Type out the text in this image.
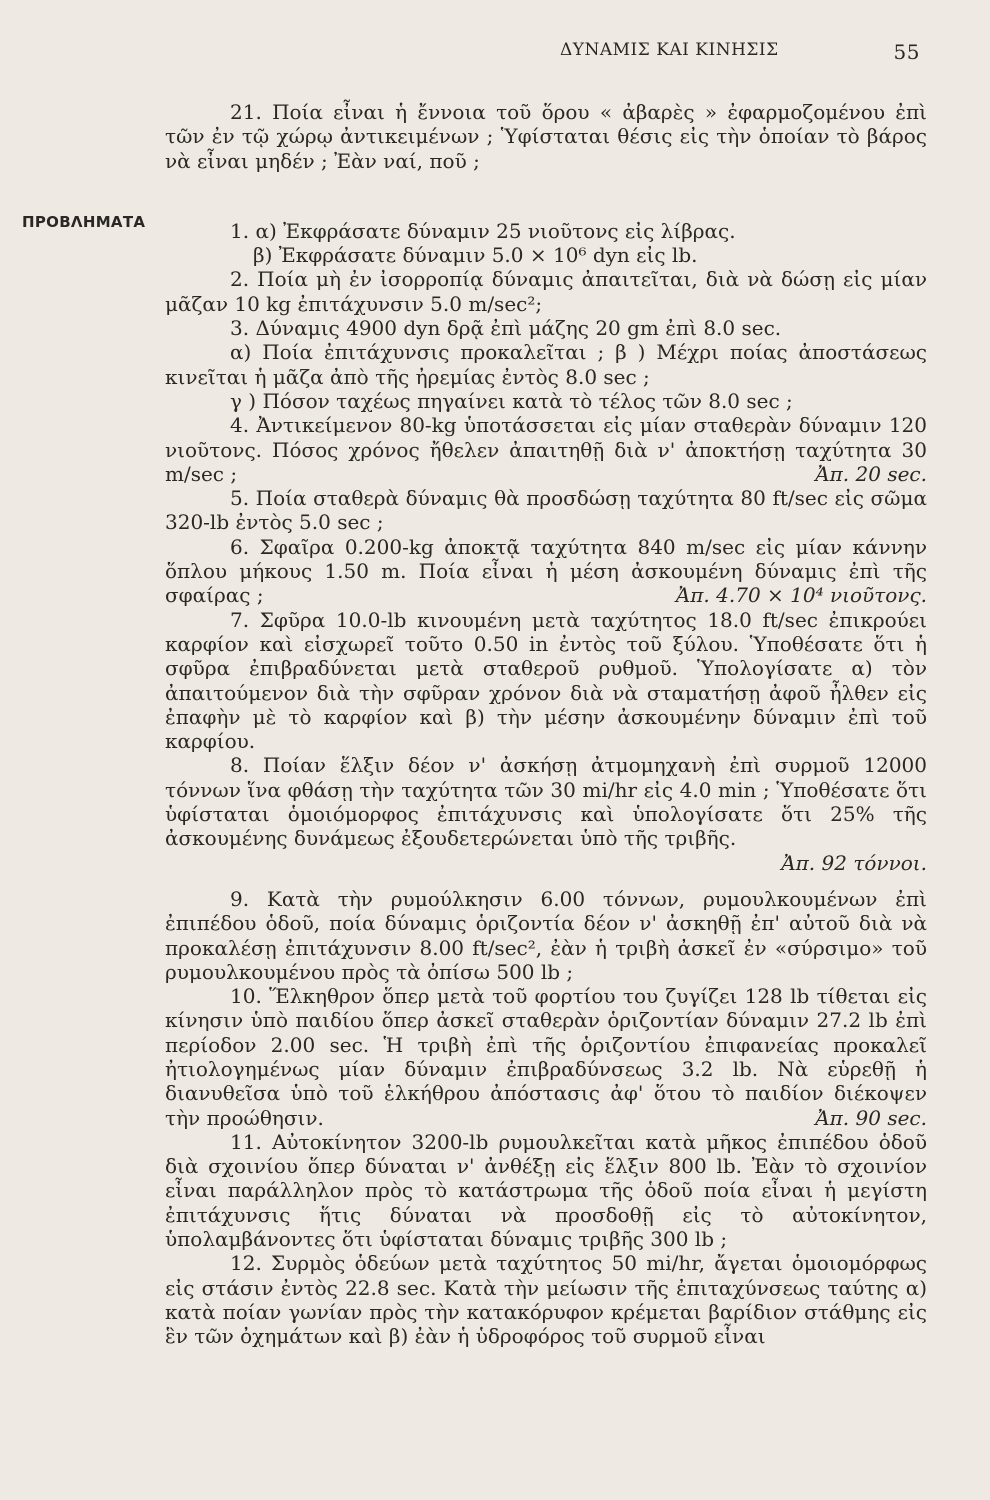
ΔΥΝΑΜΙΣ ΚΑΙ ΚΙΝΗΣΙΣ	55
ΠΡΟΒΛΗΜΑΤΑ

21. Ποία εἶναι ἡ ἔννοια τοῦ ὅρου « ἀβαρὲς » ἐφαρμοζομένου ἐπὶ τῶν ἐν τῷ χώρῳ ἀντικειμένων ; Ὑφίσταται θέσις εἰς τὴν ὁποίαν τὸ βάρος νὰ εἶναι μηδέν ; Ἐὰν ναί, ποῦ ;

1. α) Ἐκφράσατε δύναμιν 25 νιοῦτονς εἰς λίβρας.

β) Ἐκφράσατε δύναμιν 5.0 × 10⁶ dyn εἰς lb.

2. Ποία μὴ ἐν ἰσορροπίᾳ δύναμις ἀπαιτεῖται, διὰ νὰ δώσῃ εἰς μίαν μᾶζαν 10 kg ἐπιτάχυνσιν 5.0 m/sec²;

3. Δύναμις 4900 dyn δρᾷ ἐπὶ μάζης 20 gm ἐπὶ 8.0 sec.

α) Ποία ἐπιτάχυνσις προκαλεῖται ; β ) Μέχρι ποίας ἀποστάσεως κινεῖται ἡ μᾶζα ἀπὸ τῆς ἠρεμίας ἐντὸς 8.0 sec ;

γ ) Πόσον ταχέως πηγαίνει κατὰ τὸ τέλος τῶν 8.0 sec ;

4. Ἀντικείμενον 80-kg ὑποτάσσεται εἰς μίαν σταθερὰν δύναμιν 120 νιοῦτονς. Πόσος χρόνος ἤθελεν ἀπαιτηθῇ διὰ ν' ἀποκτήσῃ ταχύτητα 30 m/sec ;	Ἀπ. 20 sec.

5. Ποία σταθερὰ δύναμις θὰ προσδώσῃ ταχύτητα 80 ft/sec εἰς σῶμα 320-lb ἐντὸς 5.0 sec ;

6. Σφαῖρα 0.200-kg ἀποκτᾷ ταχύτητα 840 m/sec εἰς μίαν κάννην ὅπλου μήκους 1.50 m. Ποία εἶναι ἡ μέση ἀσκουμένη δύναμις ἐπὶ τῆς σφαίρας ;	Ἀπ. 4.70 × 10⁴ νιοῦτονς.

7. Σφῦρα 10.0-lb κινουμένη μετὰ ταχύτητος 18.0 ft/sec ἐπικρούει καρφίον καὶ εἰσχωρεῖ τοῦτο 0.50 in ἐντὸς τοῦ ξύλου. Ὑποθέσατε ὅτι ἡ σφῦρα ἐπιβραδύνεται μετὰ σταθεροῦ ρυθμοῦ. Ὑπολογίσατε α) τὸν ἀπαιτούμενον διὰ τὴν σφῦραν χρόνον διὰ νὰ σταματήσῃ ἀφοῦ ἦλθεν εἰς ἐπαφὴν μὲ τὸ καρφίον καὶ β) τὴν μέσην ἀσκουμένην δύναμιν ἐπὶ τοῦ καρφίου.

8. Ποίαν ἕλξιν δέον ν' ἀσκήσῃ ἀτμομηχανὴ ἐπὶ συρμοῦ 12000 τόννων ἵνα φθάσῃ τὴν ταχύτητα τῶν 30 mi/hr εἰς 4.0 min ; Ὑποθέσατε ὅτι ὑφίσταται ὁμοιόμορφος ἐπιτάχυνσις καὶ ὑπολογίσατε ὅτι 25% τῆς ἀσκουμένης δυνάμεως ἐξουδετερώνεται ὑπὸ τῆς τριβῆς.

Ἀπ. 92 τόννοι.

9. Κατὰ τὴν ρυμούλκησιν 6.00 τόννων, ρυμουλκουμένων ἐπὶ ἐπιπέδου ὁδοῦ, ποία δύναμις ὁριζοντία δέον ν' ἀσκηθῇ ἐπ' αὐτοῦ διὰ νὰ προκαλέσῃ ἐπιτάχυνσιν 8.00 ft/sec², ἐὰν ἡ τριβὴ ἀσκεῖ ἐν «σύρσιμο» τοῦ ρυμουλκουμένου πρὸς τὰ ὀπίσω 500 lb ;

10. Ἕλκηθρον ὅπερ μετὰ τοῦ φορτίου του ζυγίζει 128 lb τίθεται εἰς κίνησιν ὑπὸ παιδίου ὅπερ ἀσκεῖ σταθερὰν ὁριζοντίαν δύναμιν 27.2 lb ἐπὶ περίοδον 2.00 sec. Ἡ τριβὴ ἐπὶ τῆς ὁριζοντίου ἐπιφανείας προκαλεῖ ἠτιολογημένως μίαν δύναμιν ἐπιβραδύνσεως 3.2 lb. Νὰ εὑρεθῇ ἡ διανυθεῖσα ὑπὸ τοῦ ἑλκήθρου ἀπόστασις ἀφ' ὅτου τὸ παιδίον διέκοψεν τὴν προώθησιν.	Ἀπ. 90 sec.

11. Αὐτοκίνητον 3200-lb ρυμουλκεῖται κατὰ μῆκος ἐπιπέδου ὁδοῦ διὰ σχοινίου ὅπερ δύναται ν' ἀνθέξῃ εἰς ἕλξιν 800 lb. Ἐὰν τὸ σχοινίον εἶναι παράλληλον πρὸς τὸ κατάστρωμα τῆς ὁδοῦ ποία εἶναι ἡ μεγίστη ἐπιτάχυνσις ἥτις δύναται νὰ προσδοθῇ εἰς τὸ αὐτοκίνητον, ὑπολαμβάνοντες ὅτι ὑφίσταται δύναμις τριβῆς 300 lb ;

12. Συρμὸς ὁδεύων μετὰ ταχύτητος 50 mi/hr, ἄγεται ὁμοιομόρφως εἰς στάσιν ἐντὸς 22.8 sec. Κατὰ τὴν μείωσιν τῆς ἐπιταχύνσεως ταύτης α) κατὰ ποίαν γωνίαν πρὸς τὴν κατακόρυφον κρέμεται βαρίδιον στάθμης εἰς ἓν τῶν ὀχημάτων καὶ β) ἐὰν ἡ ὑδροφόρος τοῦ συρμοῦ εἶναι
